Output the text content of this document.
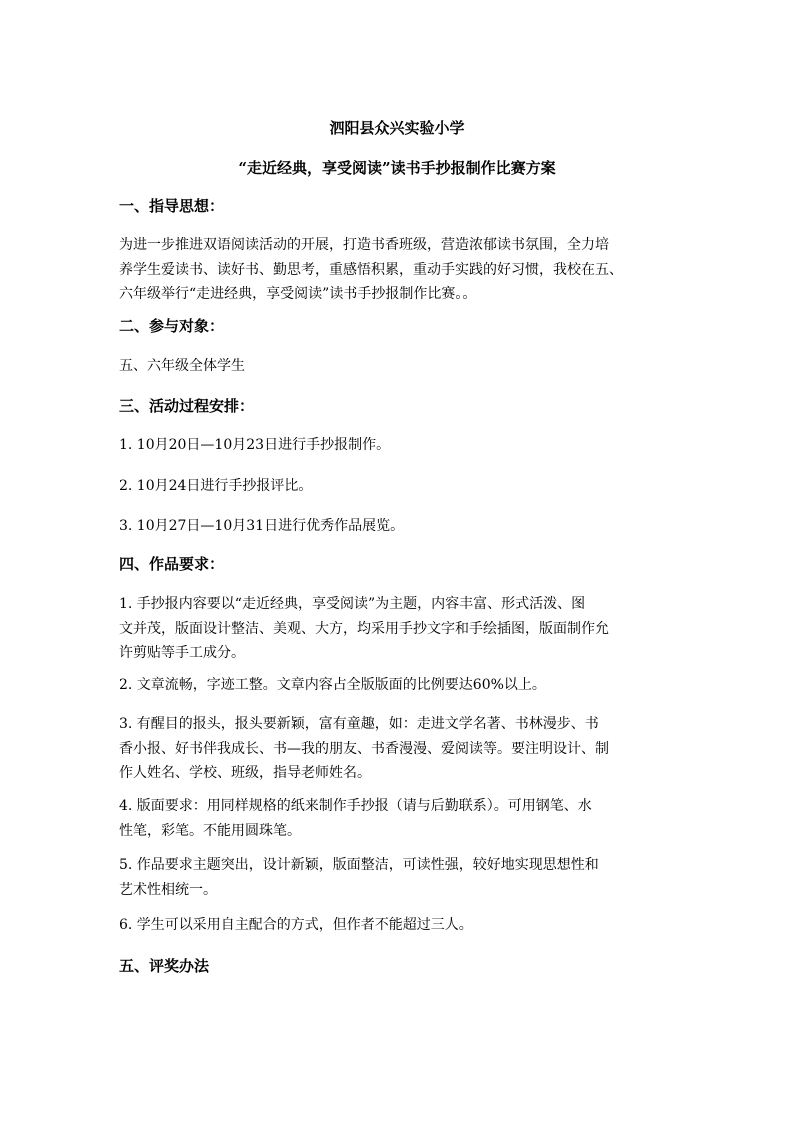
泗阳县众兴实验小学
“走近经典，享受阅读”读书手抄报制作比赛方案
一、指导思想：
为进一步推进双语阅读活动的开展，打造书香班级，营造浓郁读书氛围，全力培
养学生爱读书、读好书、勤思考，重感悟积累，重动手实践的好习惯，我校在五、
六年级举行“走进经典，享受阅读”读书手抄报制作比赛。。
二、参与对象：
五、六年级全体学生
三、活动过程安排：
1. 10月20日—10月23日进行手抄报制作。
2. 10月24日进行手抄报评比。
3. 10月27日—10月31日进行优秀作品展览。
四、作品要求：
1. 手抄报内容要以“走近经典，享受阅读”为主题，内容丰富、形式活泼、图
文并茂，版面设计整洁、美观、大方，均采用手抄文字和手绘插图，版面制作允
许剪贴等手工成分。
2. 文章流畅，字迹工整。文章内容占全版版面的比例要达60%以上。
3. 有醒目的报头，报头要新颖，富有童趣，如：走进文学名著、书林漫步、书
香小报、好书伴我成长、书—我的朋友、书香漫漫、爱阅读等。要注明设计、制
作人姓名、学校、班级，指导老师姓名。
4. 版面要求：用同样规格的纸来制作手抄报（请与后勤联系）。可用钢笔、水
性笔，彩笔。不能用圆珠笔。
5. 作品要求主题突出，设计新颖，版面整洁，可读性强，较好地实现思想性和
艺术性相统一。
6. 学生可以采用自主配合的方式，但作者不能超过三人。
五、评奖办法
